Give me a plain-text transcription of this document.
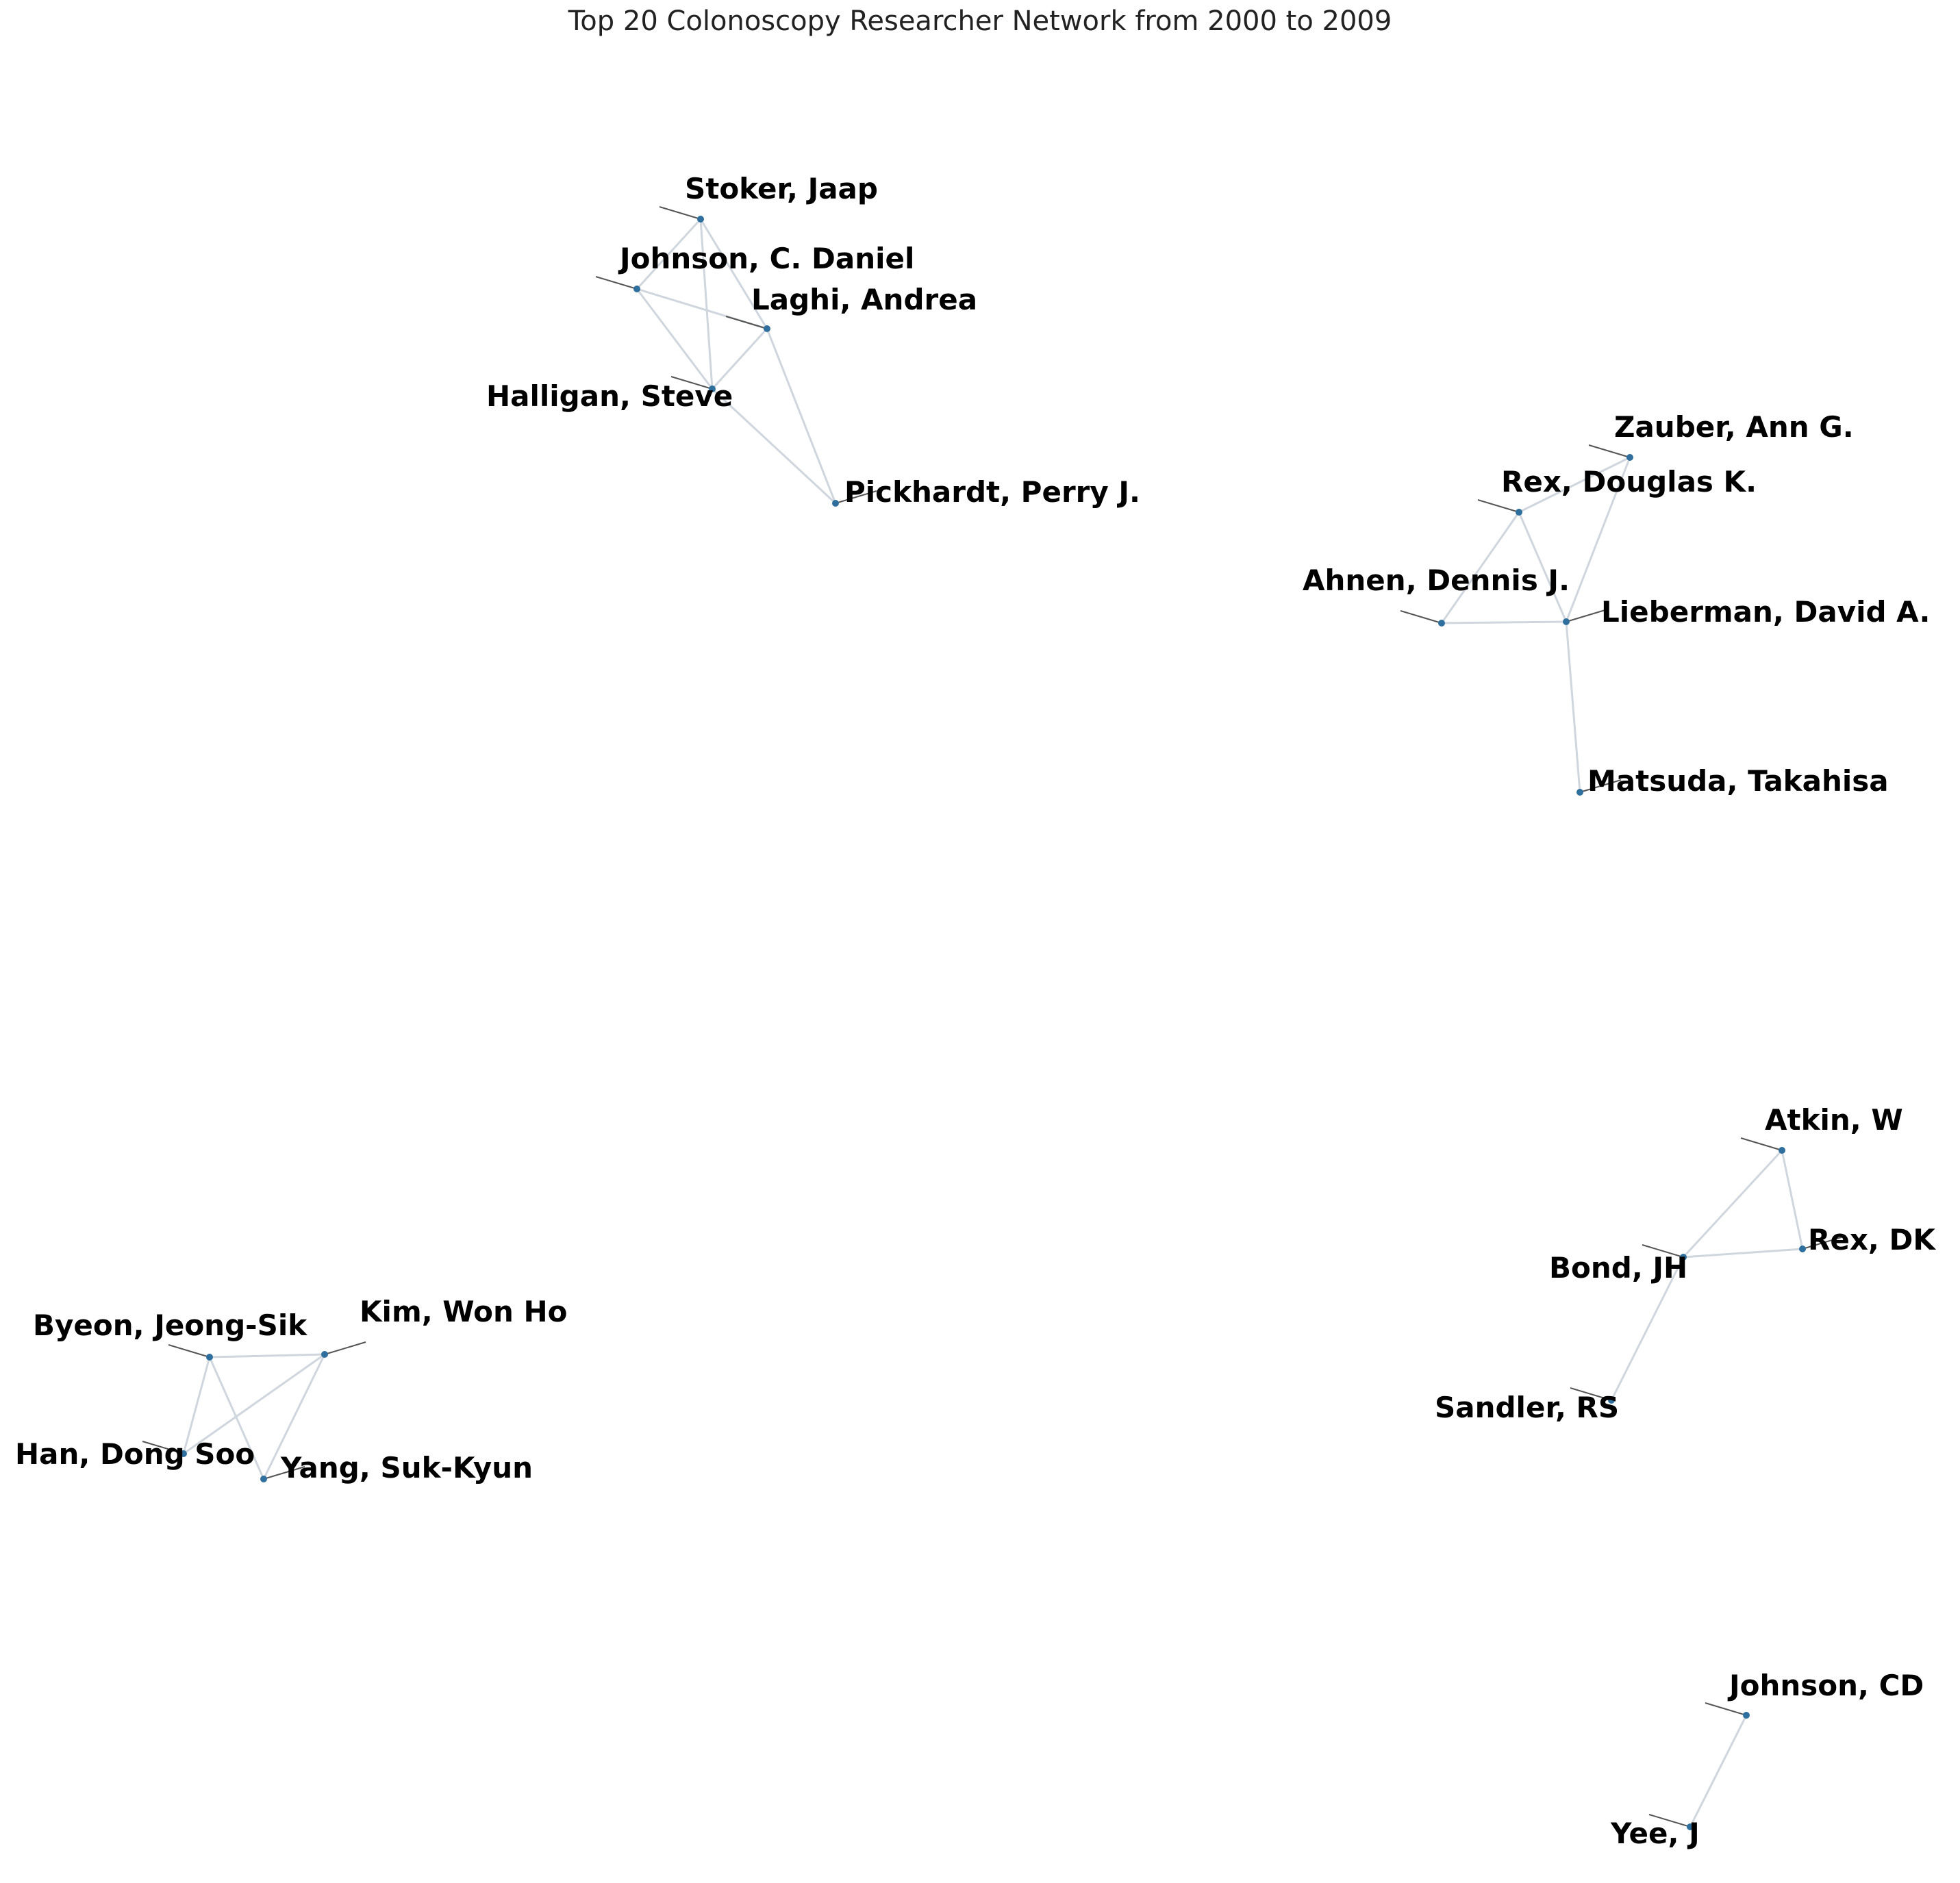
Top 20 Colonoscopy Researcher Network from 2000 to 2009
Stoker, Jaap
Johnson, C. Daniel
Laghi, Andrea
Halligan, Steve
Pickhardt, Perry J.
Zauber, Ann G.
Rex, Douglas K.
Ahnen, Dennis J.
Lieberman, David A.
Matsuda, Takahisa
Atkin, W
Rex, DK
Bond, JH
Sandler, RS
Byeon, Jeong-Sik Kim, Won Ho
Han, Dong Soo Yang, Suk-Kyun
Johnson, CD
Yee, J
